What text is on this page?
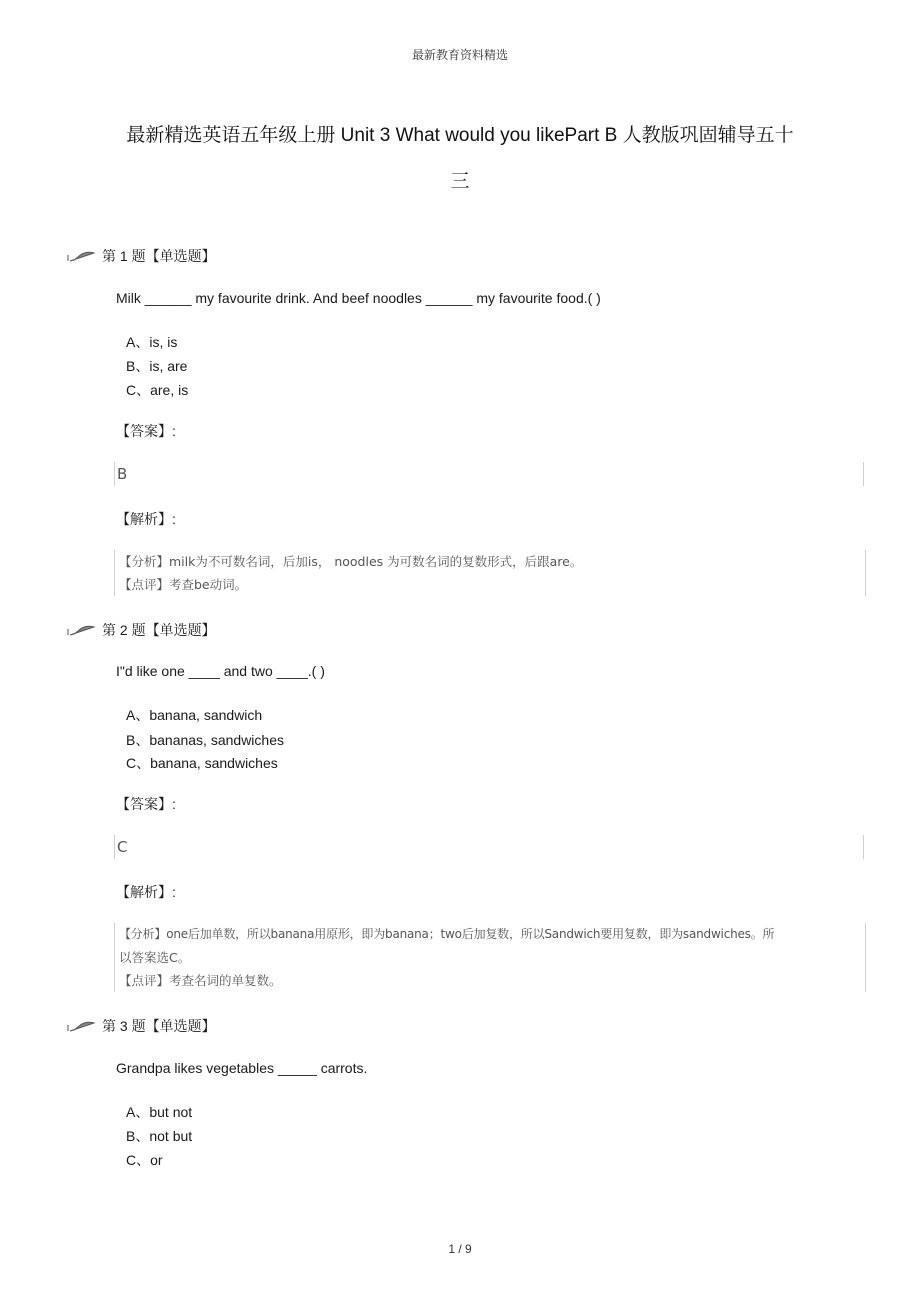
最新教育资料精选
最新精选英语五年级上册 Unit 3 What would you likePart B 人教版巩固辅导五十
三
第 1 题【单选题】
Milk ______ my favourite drink. And beef noodles ______ my favourite food.( )
A、is, is
B、is, are
C、are, is
【答案】:
B
【解析】:
【分析】milk为不可数名词，后加is， noodles 为可数名词的复数形式，后跟are。
【点评】考查be动词。
第 2 题【单选题】
I"d like one ____ and two ____.( )
A、banana, sandwich
B、bananas, sandwiches
C、banana, sandwiches
【答案】:
C
【解析】:
【分析】one后加单数，所以banana用原形，即为banana；two后加复数，所以Sandwich要用复数，即为sandwiches。所
以答案选C。
【点评】考查名词的单复数。
第 3 题【单选题】
Grandpa likes vegetables _____ carrots.
A、but not
B、not but
C、or
1 / 9
